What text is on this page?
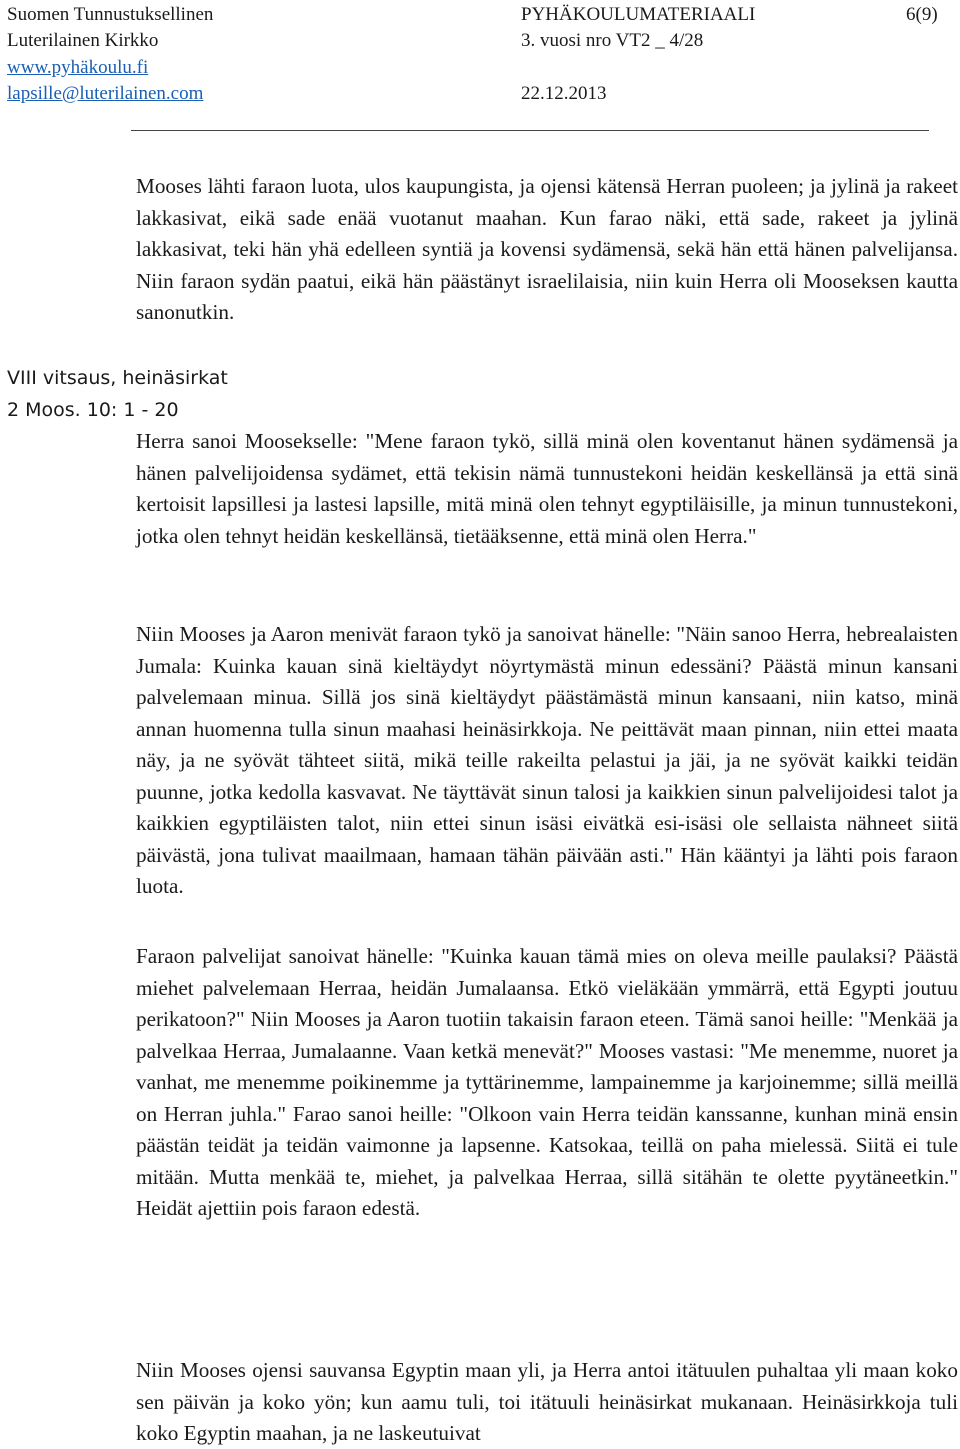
Suomen Tunnustuksellinen
Luterilainen Kirkko
www.pyhäkoulu.fi
lapsille@luterilainen.com
PYHÄKOULUMATERIAALI
3. vuosi nro VT2 _ 4/28
22.12.2013
6(9)
Mooses lähti faraon luota, ulos kaupungista, ja ojensi kätensä Herran puoleen; ja jylinä ja rakeet lakkasivat, eikä sade enää vuotanut maahan. Kun farao näki, että sade, rakeet ja jylinä lakkasivat, teki hän yhä edelleen syntiä ja kovensi sydämensä, sekä hän että hänen palvelijansa. Niin faraon sydän paatui, eikä hän päästänyt israelilaisia, niin kuin Herra oli Mooseksen kautta sanonutkin.
VIII vitsaus, heinäsirkat
2 Moos. 10: 1 - 20
Herra sanoi Moosekselle: "Mene faraon tykö, sillä minä olen koventanut hänen sydämensä ja hänen palvelijoidensa sydämet, että tekisin nämä tunnustekoni heidän keskellänsä ja että sinä kertoisit lapsillesi ja lastesi lapsille, mitä minä olen tehnyt egyptiläisille, ja minun tunnustekoni, jotka olen tehnyt heidän keskellänsä, tietääksenne, että minä olen Herra."
Niin Mooses ja Aaron menivät faraon tykö ja sanoivat hänelle: "Näin sanoo Herra, hebrealaisten Jumala: Kuinka kauan sinä kieltäydyt nöyrtymästä minun edessäni? Päästä minun kansani palvelemaan minua. Sillä jos sinä kieltäydyt päästämästä minun kansaani, niin katso, minä annan huomenna tulla sinun maahasi heinäsirkkoja. Ne peittävät maan pinnan, niin ettei maata näy, ja ne syövät tähteet siitä, mikä teille rakeilta pelastui ja jäi, ja ne syövät kaikki teidän puunne, jotka kedolla kasvavat. Ne täyttävät sinun talosi ja kaikkien sinun palvelijoidesi talot ja kaikkien egyptiläisten talot, niin ettei sinun isäsi eivätkä esi-isäsi ole sellaista nähneet siitä päivästä, jona tulivat maailmaan, hamaan tähän päivään asti." Hän kääntyi ja lähti pois faraon luota.
Faraon palvelijat sanoivat hänelle: "Kuinka kauan tämä mies on oleva meille paulaksi? Päästä miehet palvelemaan Herraa, heidän Jumalaansa. Etkö vieläkään ymmärrä, että Egypti joutuu perikatoon?" Niin Mooses ja Aaron tuotiin takaisin faraon eteen. Tämä sanoi heille: "Menkää ja palvelkaa Herraa, Jumalaanne. Vaan ketkä menevät?" Mooses vastasi: "Me menemme, nuoret ja vanhat, me menemme poikinemme ja tyttärinemme, lampainemme ja karjoinemme; sillä meillä on Herran juhla." Farao sanoi heille: "Olkoon vain Herra teidän kanssanne, kunhan minä ensin päästän teidät ja teidän vaimonne ja lapsenne. Katsokaa, teillä on paha mielessä. Siitä ei tule mitään. Mutta menkää te, miehet, ja palvelkaa Herraa, sillä sitähän te olette pyytäneetkin." Heidät ajettiin pois faraon edestä.
Niin Mooses ojensi sauvansa Egyptin maan yli, ja Herra antoi itätuulen puhaltaa yli maan koko sen päivän ja koko yön; kun aamu tuli, toi itätuuli heinäsirkat mukanaan. Heinäsirkkoja tuli koko Egyptin maahan, ja ne laskeutuivat
